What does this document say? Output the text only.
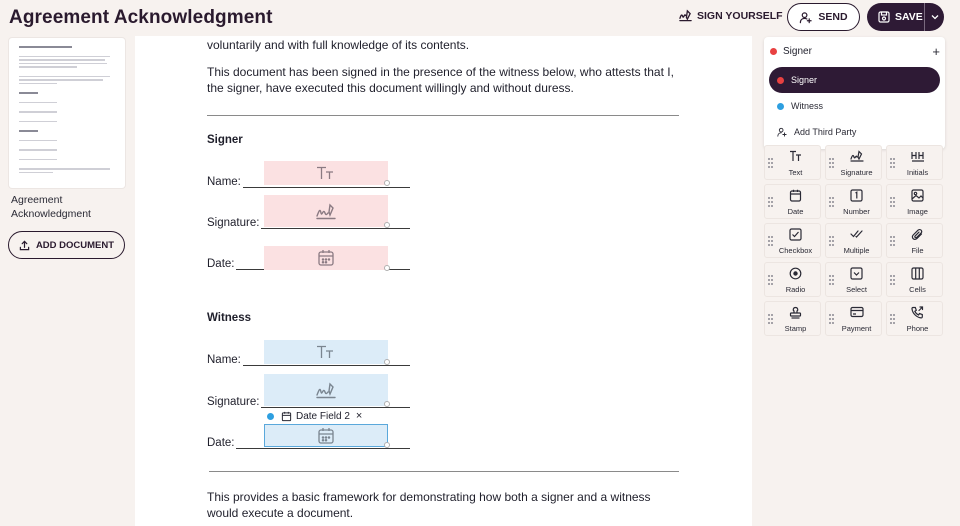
Agreement Acknowledgment	SIGN YOURSELF	SEND	SAVE
Agreement Acknowledgment
ADD DOCUMENT
voluntarily and with full knowledge of its contents.
This document has been signed in the presence of the witness below, who attests that I, the signer, have executed this document willingly and without duress.
Signer
Name:
Signature:
Date:
Witness
Name:
Signature:
Date Field 2 ×
Date:
This provides a basic framework for demonstrating how both a signer and a witness would execute a document.
Signer	+
Signer
Witness
Add Third Party
Text	Signature	Initials
Date	Number	Image
Checkbox	Multiple	File
Radio	Select	Cells
Stamp	Payment	Phone
